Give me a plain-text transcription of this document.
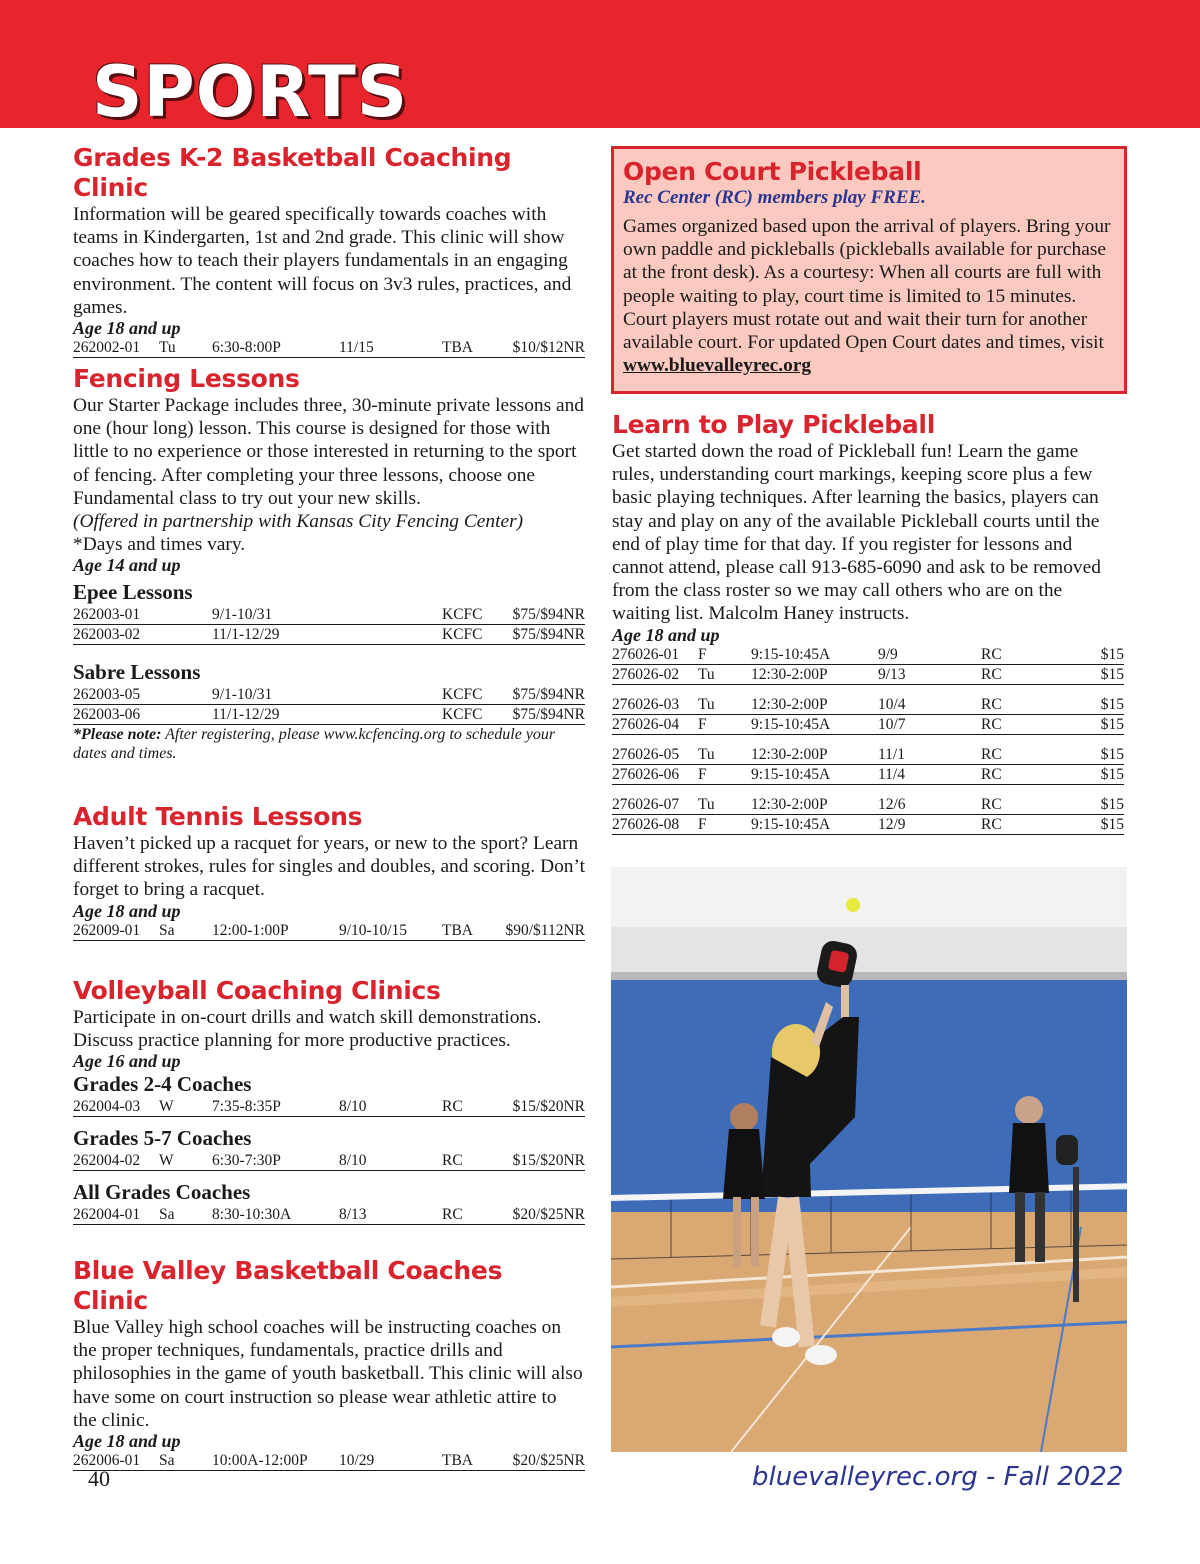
SPORTS
Grades K-2 Basketball Coaching Clinic

Information will be geared specifically towards coaches with teams in Kindergarten, 1st and 2nd grade. This clinic will show coaches how to teach their players fundamentals in an engaging environment. The content will focus on 3v3 rules, practices, and games.

Age 18 and up
262002-01 Tu 6:30-8:00P	11/15	TBA	$10/$12NR
Fencing Lessons

Our Starter Package includes three, 30-minute private lessons and one (hour long) lesson. This course is designed for those with little to no experience or those interested in returning to the sport of fencing. After completing your three lessons, choose one Fundamental class to try out your new skills.

(Offered in partnership with Kansas City Fencing Center)

*Days and times vary.

Age 14 and up
Epee Lessons
262003-01	9/1-10/31	KCFC $75/$94NR
262003-02	11/1-12/29	KCFC $75/$94NR
Sabre Lessons
262003-05	9/1-10/31	KCFC $75/$94NR
262003-06	11/1-12/29	KCFC $75/$94NR
*Please note: After registering, please www.kcfencing.org to schedule your dates and times.
Adult Tennis Lessons

Haven’t picked up a racquet for years, or new to the sport? Learn different strokes, rules for singles and doubles, and scoring. Don’t forget to bring a racquet.

Age 18 and up
262009-01 Sa 12:00-1:00P	9/10-10/15 TBA $90/$112NR
Volleyball Coaching Clinics

Participate in on-court drills and watch skill demonstrations. Discuss practice planning for more productive practices.

Age 16 and up
Grades 2-4 Coaches
262004-03 W 7:35-8:35P	8/10	RC	$15/$20NR
Grades 5-7 Coaches
262004-02 W 6:30-7:30P	8/10	RC	$15/$20NR
All Grades Coaches
262004-01 Sa 8:30-10:30A	8/13	RC	$20/$25NR
Blue Valley Basketball Coaches Clinic

Blue Valley high school coaches will be instructing coaches on the proper techniques, fundamentals, practice drills and philosophies in the game of youth basketball. This clinic will also have some on court instruction so please wear athletic attire to the clinic.

Age 18 and up
262006-01 Sa 10:00A-12:00P 10/29	TBA	$20/$25NR
Open Court Pickleball
Rec Center (RC) members play FREE.

Games organized based upon the arrival of players. Bring your own paddle and pickleballs (pickleballs available for purchase at the front desk). As a courtesy: When all courts are full with people waiting to play, court time is limited to 15 minutes. Court players must rotate out and wait their turn for another available court. For updated Open Court dates and times, visit www.bluevalleyrec.org

Learn to Play Pickleball

Get started down the road of Pickleball fun! Learn the game rules, understanding court markings, keeping score plus a few basic playing techniques. After learning the basics, players can stay and play on any of the available Pickleball courts until the end of play time for that day. If you register for lessons and cannot attend, please call 913-685-6090 and ask to be removed from the class roster so we may call others who are on the waiting list. Malcolm Haney instructs.

Age 18 and up
276026-01 F	9:15-10:45A	9/9	RC	$15
276026-02 Tu 12:30-2:00P	9/13	RC	$15
276026-03 Tu 12:30-2:00P	10/4	RC	$15
276026-04 F	9:15-10:45A	10/7	RC	$15
276026-05 Tu 12:30-2:00P	11/1	RC	$15
276026-06 F	9:15-10:45A	11/4	RC	$15
276026-07 Tu 12:30-2:00P	12/6	RC	$15
276026-08 F	9:15-10:45A	12/9	RC	$15
40	bluevalleyrec.org - Fall 2022
